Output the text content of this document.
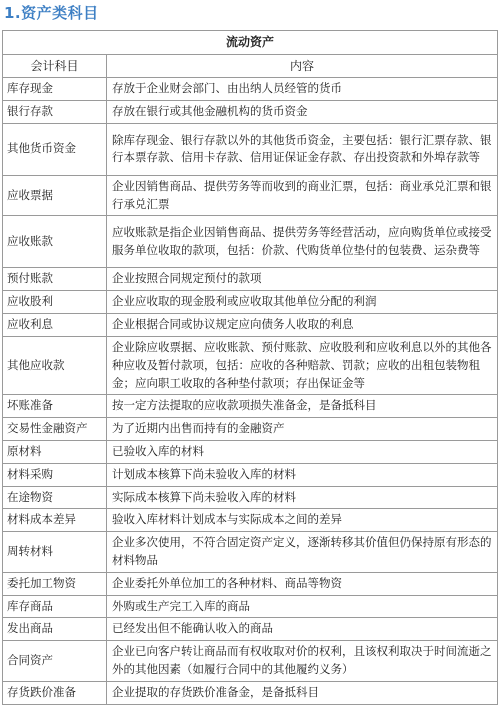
1.资产类科目
流动资产	
会计科目	内容
库存现金	存放于企业财会部门、由出纳人员经管的货币
银行存款	存放在银行或其他金融机构的货币资金
其他货币资金	除库存现金、银行存款以外的其他货币资金，主要包括：银行汇票存款、银行本票存款、信用卡存款、信用证保证金存款、存出投资款和外埠存款等
应收票据	企业因销售商品、提供劳务等而收到的商业汇票，包括：商业承兑汇票和银行承兑汇票
应收账款	应收账款是指企业因销售商品、提供劳务等经营活动，应向购货单位或接受服务单位收取的款项，包括：价款、代购货单位垫付的包装费、运杂费等
预付账款	企业按照合同规定预付的款项
应收股利	企业应收取的现金股利或应收取其他单位分配的利润
应收利息	企业根据合同或协议规定应向债务人收取的利息
其他应收款	企业除应收票据、应收账款、预付账款、应收股利和应收利息以外的其他各种应收及暂付款项，包括：应收的各种赔款、罚款；应收的出租包装物租金；应向职工收取的各种垫付款项；存出保证金等
坏账准备	按一定方法提取的应收款项损失准备金，是备抵科目
交易性金融资产	为了近期内出售而持有的金融资产
原材料	已验收入库的材料
材料采购	计划成本核算下尚未验收入库的材料
在途物资	实际成本核算下尚未验收入库的材料
材料成本差异	验收入库材料计划成本与实际成本之间的差异
周转材料	企业多次使用，不符合固定资产定义，逐渐转移其价值但仍保持原有形态的材料物品
委托加工物资	企业委托外单位加工的各种材料、商品等物资
库存商品	外购或生产完工入库的商品
发出商品	已经发出但不能确认收入的商品
合同资产	企业已向客户转让商品而有权收取对价的权利，且该权利取决于时间流逝之外的其他因素（如履行合同中的其他履约义务）
存货跌价准备	企业提取的存货跌价准备金，是备抵科目
